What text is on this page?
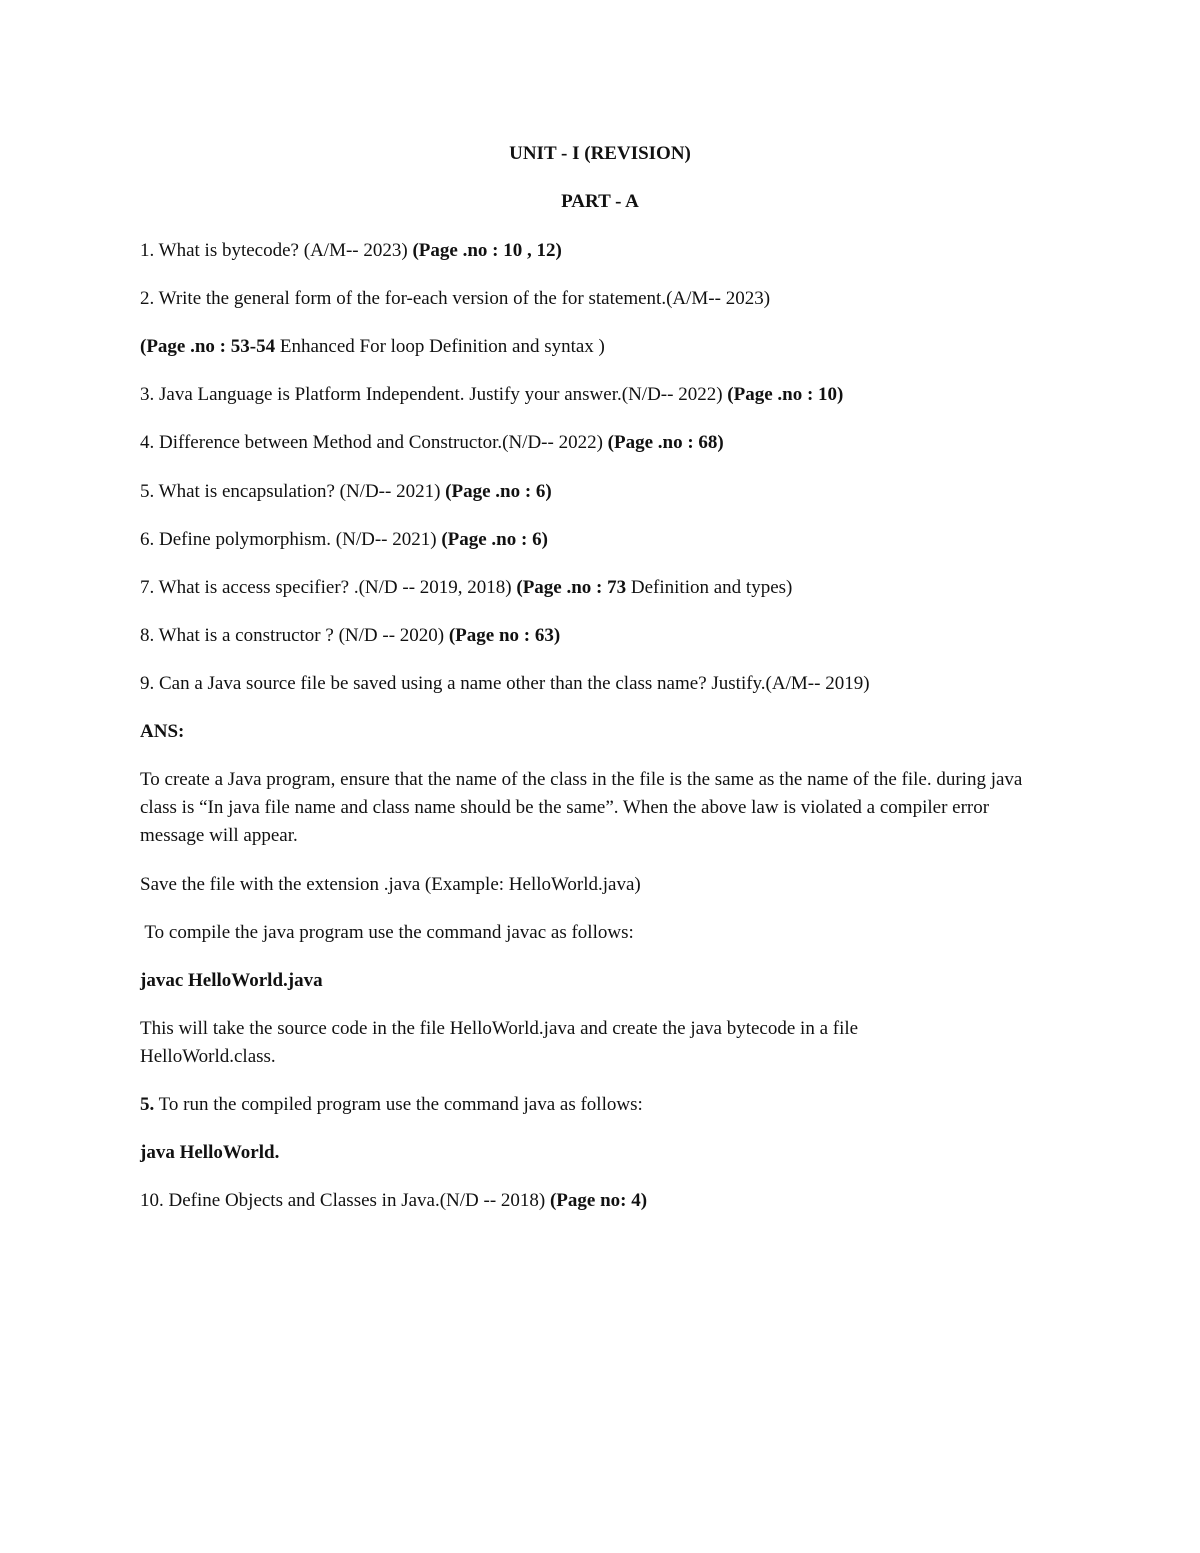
UNIT - I (REVISION)
PART - A
1. What is bytecode? (A/M-- 2023) (Page .no : 10 , 12)
2. Write the general form of the for-each version of the for statement.(A/M-- 2023)
(Page .no : 53-54 Enhanced For loop Definition and syntax )
3. Java Language is Platform Independent. Justify your answer.(N/D-- 2022) (Page .no : 10)
4. Difference between Method and Constructor.(N/D-- 2022) (Page .no : 68)
5. What is encapsulation? (N/D-- 2021) (Page .no : 6)
6. Define polymorphism. (N/D-- 2021) (Page .no : 6)
7. What is access specifier? .(N/D -- 2019, 2018) (Page .no : 73 Definition and types)
8. What is a constructor ? (N/D -- 2020) (Page no : 63)
9. Can a Java source file be saved using a name other than the class name? Justify.(A/M-- 2019)
ANS:
To create a Java program, ensure that the name of the class in the file is the same as the name of the file. during java class is “In java file name and class name should be the same”. When the above law is violated a compiler error message will appear.
Save the file with the extension .java (Example: HelloWorld.java)
To compile the java program use the command javac as follows:
javac HelloWorld.java
This will take the source code in the file HelloWorld.java and create the java bytecode in a file HelloWorld.class.
5. To run the compiled program use the command java as follows:
java HelloWorld.
10. Define Objects and Classes in Java.(N/D -- 2018) (Page no: 4)
